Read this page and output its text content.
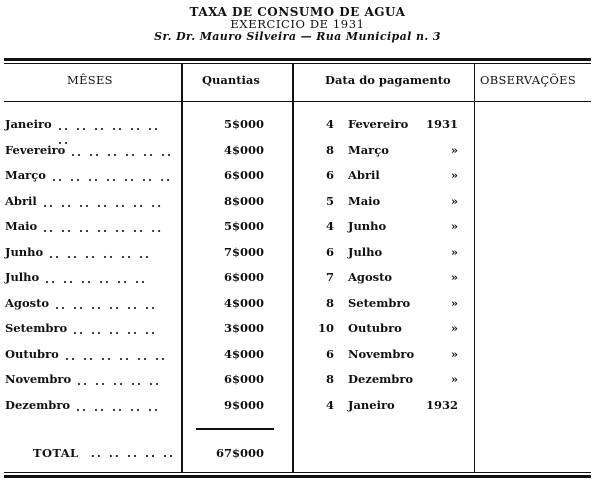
TAXA DE CONSUMO DE AGUA
EXERCICIO DE 1931
Sr. Dr. Mauro Silveira — Rua Municipal n. 3
MÊSES	Quantias	Data do pagamento	OBSERVAÇÕES
Janeiro	5$000	4 Fevereiro	1931
.. .. .. .. .. .. ..
Fevereiro	4$000	8 Março	»
.. .. .. .. .. ..
Março	6$000	6 Abril	»
.. .. .. .. .. .. ..
Abril	8$000	5 Maio	»
.. .. .. .. .. .. ..
Maio	5$000	4 Junho	»
.. .. .. .. .. .. ..
Junho	7$000	6 Julho	»
.. .. .. .. .. ..
Julho	6$000	7 Agosto	»
.. .. .. .. .. ..
Agosto	4$000	8 Setembro	»
.. .. .. .. .. ..
Setembro	3$000	10 Outubro	»
.. .. .. .. ..
Outubro	4$000	6 Novembro	»
.. .. .. .. .. ..
Novembro	6$000	8 Dezembro	»
.. .. .. .. ..
Dezembro	9$000	4 Janeiro	1932
.. .. .. .. ..
TOTAL .. .. .. .. ..	67$000
